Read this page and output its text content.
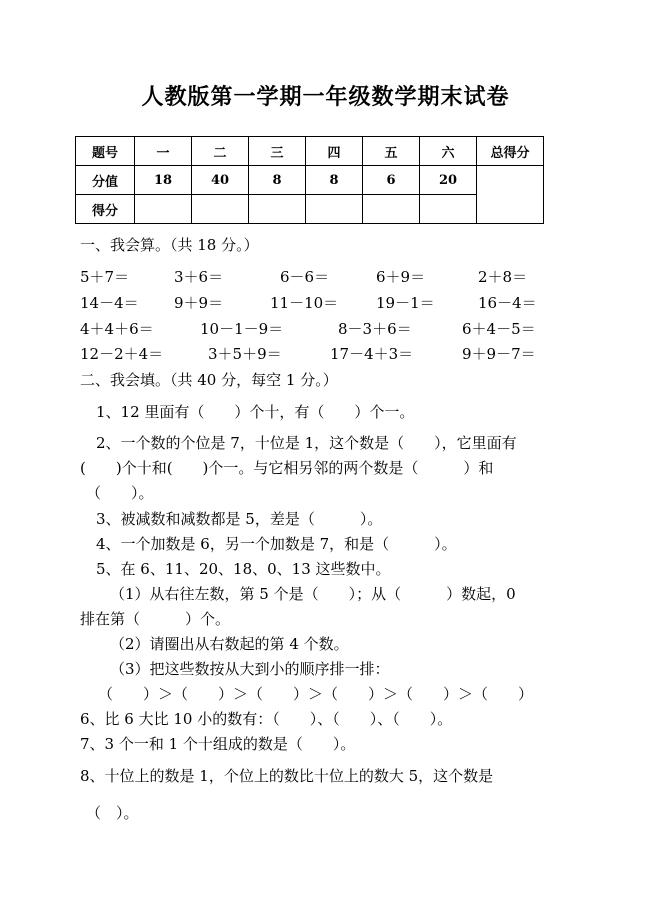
人教版第一学期一年级数学期末试卷
题号	一	二	三	四	五	六	总得分
分值	18	40	8	8	6	20	
得分							
一、我会算。（共 18 分。）
5＋7＝	3＋6＝	6－6＝	6＋9＝	2＋8＝
14－4＝ 9＋9＝	11－10＝	19－1＝	16－4＝
4＋4＋6＝	10－1－9＝	8－3＋6＝	6＋4－5＝
12－2＋4＝	3＋5＋9＝	17－4＋3＝	9＋9－7＝
二、我会填。（共 40 分，每空 1 分。）
1、12 里面有（　　）个十，有（　　）个一。
2、一个数的个位是 7，十位是 1，这个数是（　　），它里面有
(　　)个十和(　　)个一。与它相另邻的两个数是（　　　）和
（　　）。
3、被减数和减数都是 5，差是（　　　）。
4、一个加数是 6，另一个加数是 7，和是（　　　）。
5、在 6、11、20、18、0、13 这些数中。
（1）从右往左数，第 5 个是（　　）；从（　　　）数起，0
排在第（　　　）个。
（2）请圈出从右数起的第 4 个数。
（3）把这些数按从大到小的顺序排一排：
（　　）＞（　　）＞（　　）＞（　　）＞（　　）＞（　　）
6、比 6 大比 10 小的数有：（　　）、（　　）、（　　）。
7、3 个一和 1 个十组成的数是（　　）。
8、十位上的数是 1，个位上的数比十位上的数大 5，这个数是
（　）。
